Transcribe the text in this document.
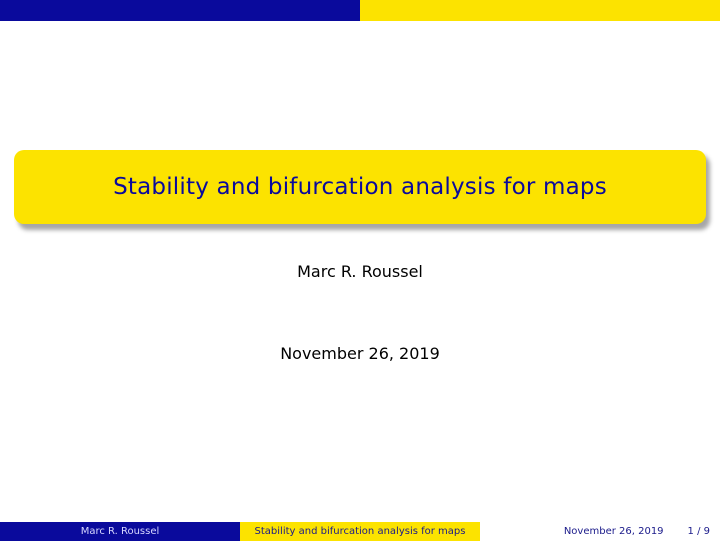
Stability and bifurcation analysis for maps
Marc R. Roussel
November 26, 2019
Marc R. Roussel	Stability and bifurcation analysis for maps	November 26, 2019 1 / 9
